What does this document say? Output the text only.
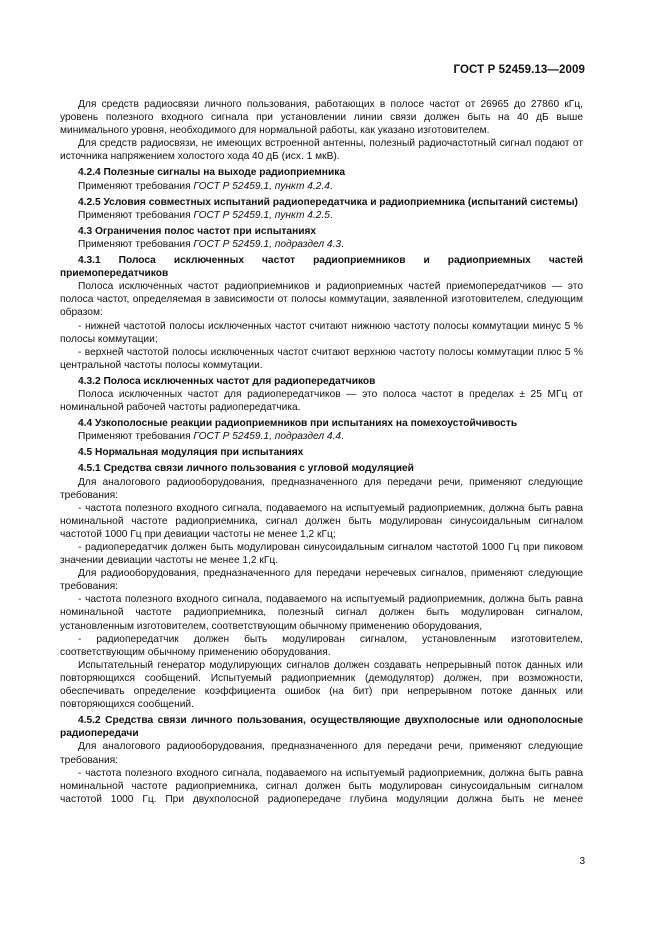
ГОСТ Р 52459.13—2009

Для средств радиосвязи личного пользования, работающих в полосе частот от 26965 до 27860 кГц, уровень полезного входного сигнала при установлении линии связи должен быть на 40 дБ выше минимального уровня, необходимого для нормальной работы, как указано изготовителем.

Для средств радиосвязи, не имеющих встроенной антенны, полезный радиочастотный сигнал подают от источника напряжением холостого хода 40 дБ (исх. 1 мкВ).

4.2.4 Полезные сигналы на выходе радиоприемника

Применяют требования ГОСТ Р 52459.1, пункт 4.2.4.

4.2.5 Условия совместных испытаний радиопередатчика и радиоприемника (испытаний системы)

Применяют требования ГОСТ Р 52459.1, пункт 4.2.5.

4.3 Ограничения полос частот при испытаниях

Применяют требования ГОСТ Р 52459.1, подраздел 4.3.

4.3.1 Полоса исключенных частот радиоприемников и радиоприемных частей приемопередатчиков

Полоса исключенных частот радиоприемников и радиоприемных частей приемопередатчиков — это полоса частот, определяемая в зависимости от полосы коммутации, заявленной изготовителем, следующим образом:

- нижней частотой полосы исключенных частот считают нижнюю частоту полосы коммутации минус 5 % полосы коммутации;

- верхней частотой полосы исключенных частот считают верхнюю частоту полосы коммутации плюс 5 % центральной частоты полосы коммутации.

4.3.2 Полоса исключенных частот для радиопередатчиков

Полоса исключенных частот для радиопередатчиков — это полоса частот в пределах ± 25 МГц от номинальной рабочей частоты радиопередатчика.

4.4 Узкополосные реакции радиоприемников при испытаниях на помехоустойчивость

Применяют требования ГОСТ Р 52459.1, подраздел 4.4.

4.5 Нормальная модуляция при испытаниях

4.5.1 Средства связи личного пользования с угловой модуляцией

Для аналогового радиооборудования, предназначенного для передачи речи, применяют следующие требования:

- частота полезного входного сигнала, подаваемого на испытуемый радиоприемник, должна быть равна номинальной частоте радиоприемника, сигнал должен быть модулирован синусоидальным сигналом частотой 1000 Гц при девиации частоты не менее 1,2 кГц;

- радиопередатчик должен быть модулирован синусоидальным сигналом частотой 1000 Гц при пиковом значении девиации частоты не менее 1,2 кГц.

Для радиооборудования, предназначенного для передачи неречевых сигналов, применяют следующие требования:

- частота полезного входного сигнала, подаваемого на испытуемый радиоприемник, должна быть равна номинальной частоте радиоприемника, полезный сигнал должен быть модулирован сигналом, установленным изготовителем, соответствующим обычному применению оборудования,

- радиопередатчик должен быть модулирован сигналом, установленным изготовителем, соответствующим обычному применению оборудования.

Испытательный генератор модулирующих сигналов должен создавать непрерывный поток данных или повторяющихся сообщений. Испытуемый радиоприемник (демодулятор) должен, при возможности, обеспечивать определение коэффициента ошибок (на бит) при непрерывном потоке данных или повторяющихся сообщений.

4.5.2 Средства связи личного пользования, осуществляющие двухполосные или однополосные радиопередачи

Для аналогового радиооборудования, предназначенного для передачи речи, применяют следующие требования:

- частота полезного входного сигнала, подаваемого на испытуемый радиоприемник, должна быть равна номинальной частоте радиоприемника, сигнал должен быть модулирован синусоидальным сигналом частотой 1000 Гц. При двухполосной радиопередаче глубина модуляции должна быть не менее

3
